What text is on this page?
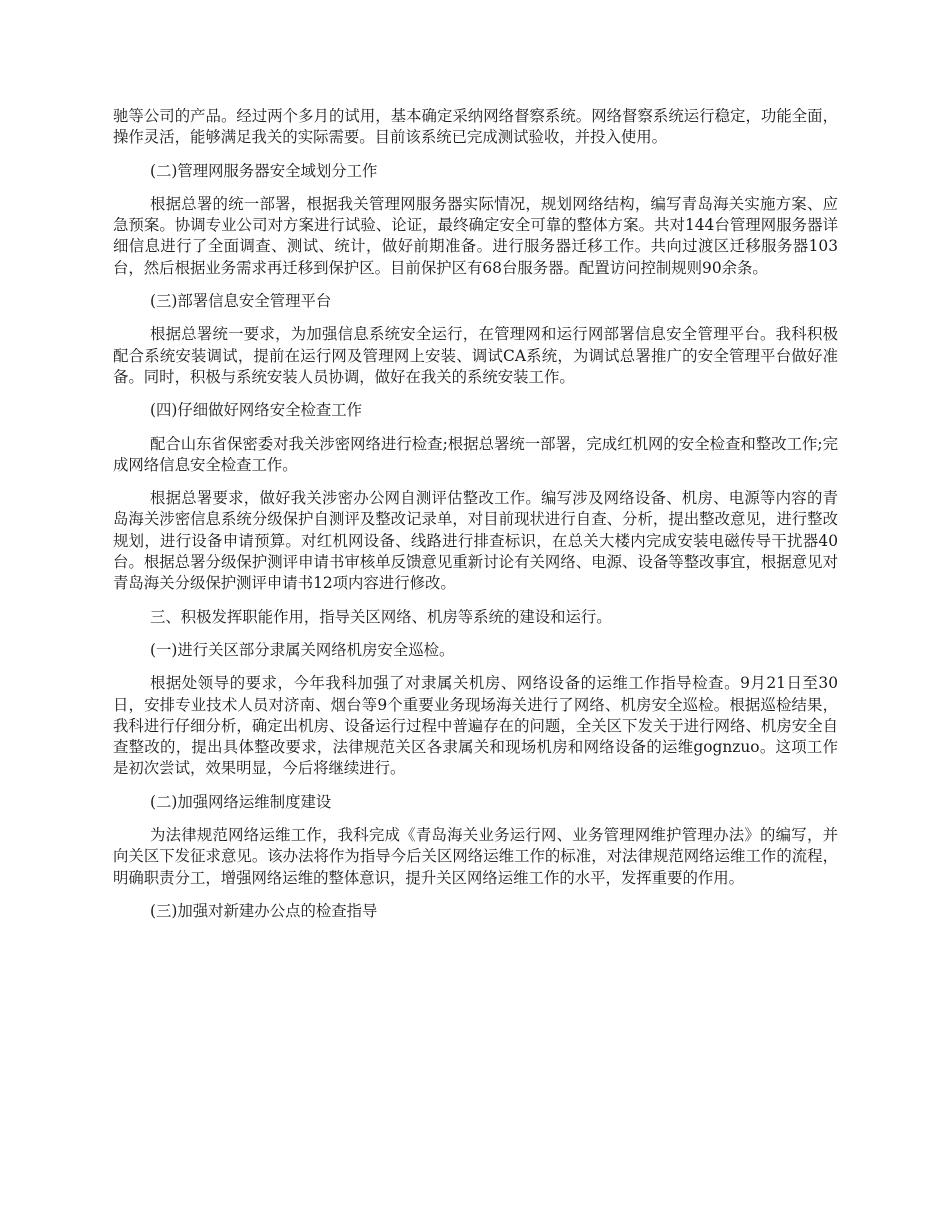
驰等公司的产品。经过两个多月的试用，基本确定采纳网络督察系统。网络督察系统运行稳定，功能全面，操作灵活，能够满足我关的实际需要。目前该系统已完成测试验收，并投入使用。

(二)管理网服务器安全域划分工作

根据总署的统一部署，根据我关管理网服务器实际情况，规划网络结构，编写青岛海关实施方案、应急预案。协调专业公司对方案进行试验、论证，最终确定安全可靠的整体方案。共对144台管理网服务器详细信息进行了全面调查、测试、统计，做好前期准备。进行服务器迁移工作。共向过渡区迁移服务器103台，然后根据业务需求再迁移到保护区。目前保护区有68台服务器。配置访问控制规则90余条。

(三)部署信息安全管理平台

根据总署统一要求，为加强信息系统安全运行，在管理网和运行网部署信息安全管理平台。我科积极配合系统安装调试，提前在运行网及管理网上安装、调试CA系统，为调试总署推广的安全管理平台做好准备。同时，积极与系统安装人员协调，做好在我关的系统安装工作。

(四)仔细做好网络安全检查工作

配合山东省保密委对我关涉密网络进行检查;根据总署统一部署，完成红机网的安全检查和整改工作;完成网络信息安全检查工作。

根据总署要求，做好我关涉密办公网自测评估整改工作。编写涉及网络设备、机房、电源等内容的青岛海关涉密信息系统分级保护自测评及整改记录单，对目前现状进行自查、分析，提出整改意见，进行整改规划，进行设备申请预算。对红机网设备、线路进行排查标识，在总关大楼内完成安装电磁传导干扰器40台。根据总署分级保护测评申请书审核单反馈意见重新讨论有关网络、电源、设备等整改事宜，根据意见对青岛海关分级保护测评申请书12项内容进行修改。

三、积极发挥职能作用，指导关区网络、机房等系统的建设和运行。

(一)进行关区部分隶属关网络机房安全巡检。

根据处领导的要求，今年我科加强了对隶属关机房、网络设备的运维工作指导检查。9月21日至30日，安排专业技术人员对济南、烟台等9个重要业务现场海关进行了网络、机房安全巡检。根据巡检结果，我科进行仔细分析，确定出机房、设备运行过程中普遍存在的问题，全关区下发关于进行网络、机房安全自查整改的，提出具体整改要求，法律规范关区各隶属关和现场机房和网络设备的运维gognzuo。这项工作是初次尝试，效果明显，今后将继续进行。

(二)加强网络运维制度建设

为法律规范网络运维工作，我科完成《青岛海关业务运行网、业务管理网维护管理办法》的编写，并向关区下发征求意见。该办法将作为指导今后关区网络运维工作的标准，对法律规范网络运维工作的流程，明确职责分工，增强网络运维的整体意识，提升关区网络运维工作的水平，发挥重要的作用。

(三)加强对新建办公点的检查指导
